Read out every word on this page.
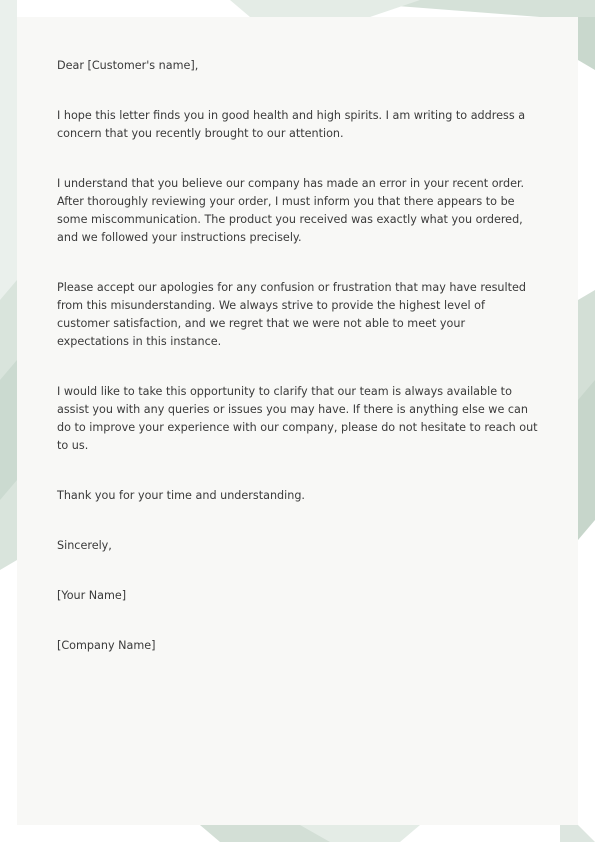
Dear [Customer's name],

I hope this letter finds you in good health and high spirits. I am writing to address a concern that you recently brought to our attention.

I understand that you believe our company has made an error in your recent order. After thoroughly reviewing your order, I must inform you that there appears to be some miscommunication. The product you received was exactly what you ordered, and we followed your instructions precisely.

Please accept our apologies for any confusion or frustration that may have resulted from this misunderstanding. We always strive to provide the highest level of customer satisfaction, and we regret that we were not able to meet your expectations in this instance.

I would like to take this opportunity to clarify that our team is always available to assist you with any queries or issues you may have. If there is anything else we can do to improve your experience with our company, please do not hesitate to reach out to us.

Thank you for your time and understanding.

Sincerely,

[Your Name]

[Company Name]
